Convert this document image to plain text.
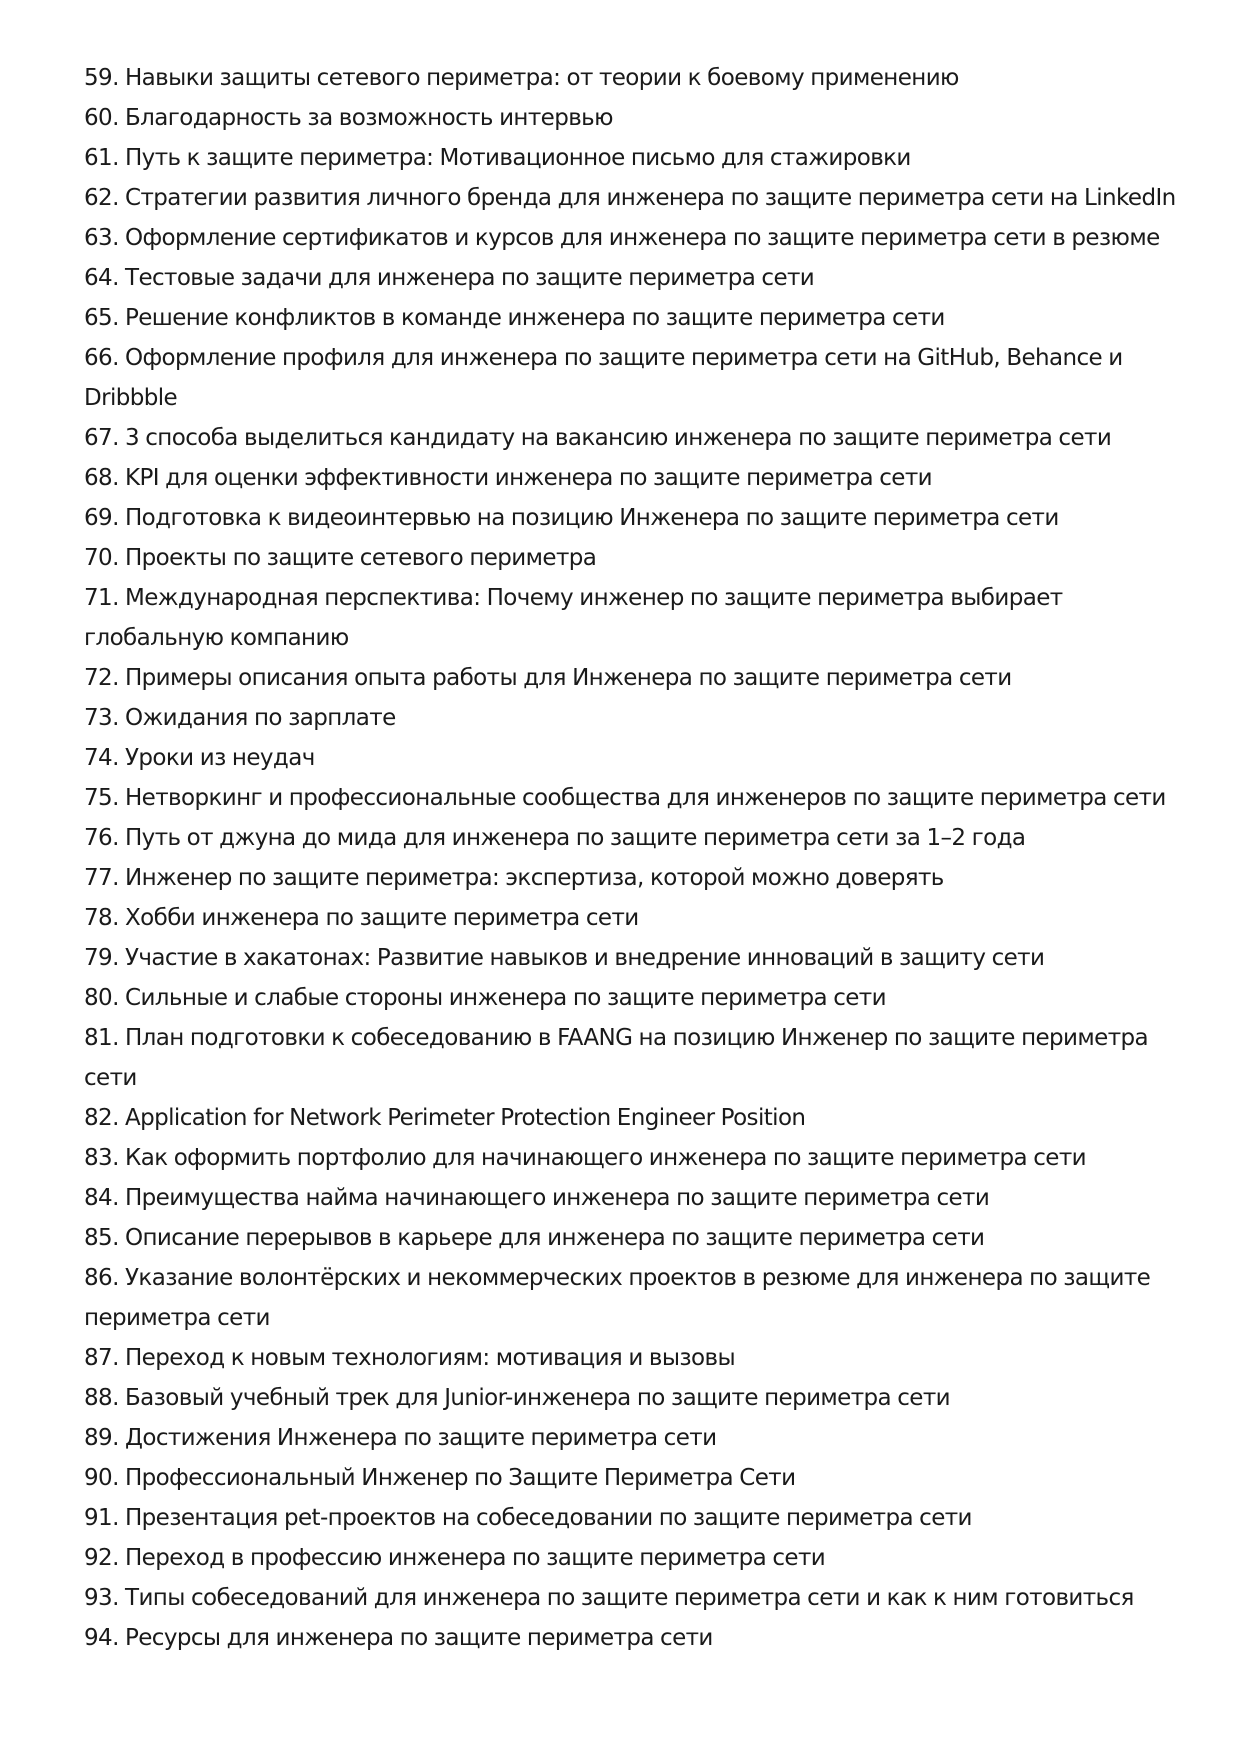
59. Навыки защиты сетевого периметра: от теории к боевому применению
60. Благодарность за возможность интервью
61. Путь к защите периметра: Мотивационное письмо для стажировки
62. Стратегии развития личного бренда для инженера по защите периметра сети на LinkedIn
63. Оформление сертификатов и курсов для инженера по защите периметра сети в резюме
64. Тестовые задачи для инженера по защите периметра сети
65. Решение конфликтов в команде инженера по защите периметра сети
66. Оформление профиля для инженера по защите периметра сети на GitHub, Behance и Dribbble
67. 3 способа выделиться кандидату на вакансию инженера по защите периметра сети
68. KPI для оценки эффективности инженера по защите периметра сети
69. Подготовка к видеоинтервью на позицию Инженера по защите периметра сети
70. Проекты по защите сетевого периметра
71. Международная перспектива: Почему инженер по защите периметра выбирает глобальную компанию
72. Примеры описания опыта работы для Инженера по защите периметра сети
73. Ожидания по зарплате
74. Уроки из неудач
75. Нетворкинг и профессиональные сообщества для инженеров по защите периметра сети
76. Путь от джуна до мида для инженера по защите периметра сети за 1–2 года
77. Инженер по защите периметра: экспертиза, которой можно доверять
78. Хобби инженера по защите периметра сети
79. Участие в хакатонах: Развитие навыков и внедрение инноваций в защиту сети
80. Сильные и слабые стороны инженера по защите периметра сети
81. План подготовки к собеседованию в FAANG на позицию Инженер по защите периметра сети
82. Application for Network Perimeter Protection Engineer Position
83. Как оформить портфолио для начинающего инженера по защите периметра сети
84. Преимущества найма начинающего инженера по защите периметра сети
85. Описание перерывов в карьере для инженера по защите периметра сети
86. Указание волонтёрских и некоммерческих проектов в резюме для инженера по защите периметра сети
87. Переход к новым технологиям: мотивация и вызовы
88. Базовый учебный трек для Junior-инженера по защите периметра сети
89. Достижения Инженера по защите периметра сети
90. Профессиональный Инженер по Защите Периметра Сети
91. Презентация pet-проектов на собеседовании по защите периметра сети
92. Переход в профессию инженера по защите периметра сети
93. Типы собеседований для инженера по защите периметра сети и как к ним готовиться
94. Ресурсы для инженера по защите периметра сети
